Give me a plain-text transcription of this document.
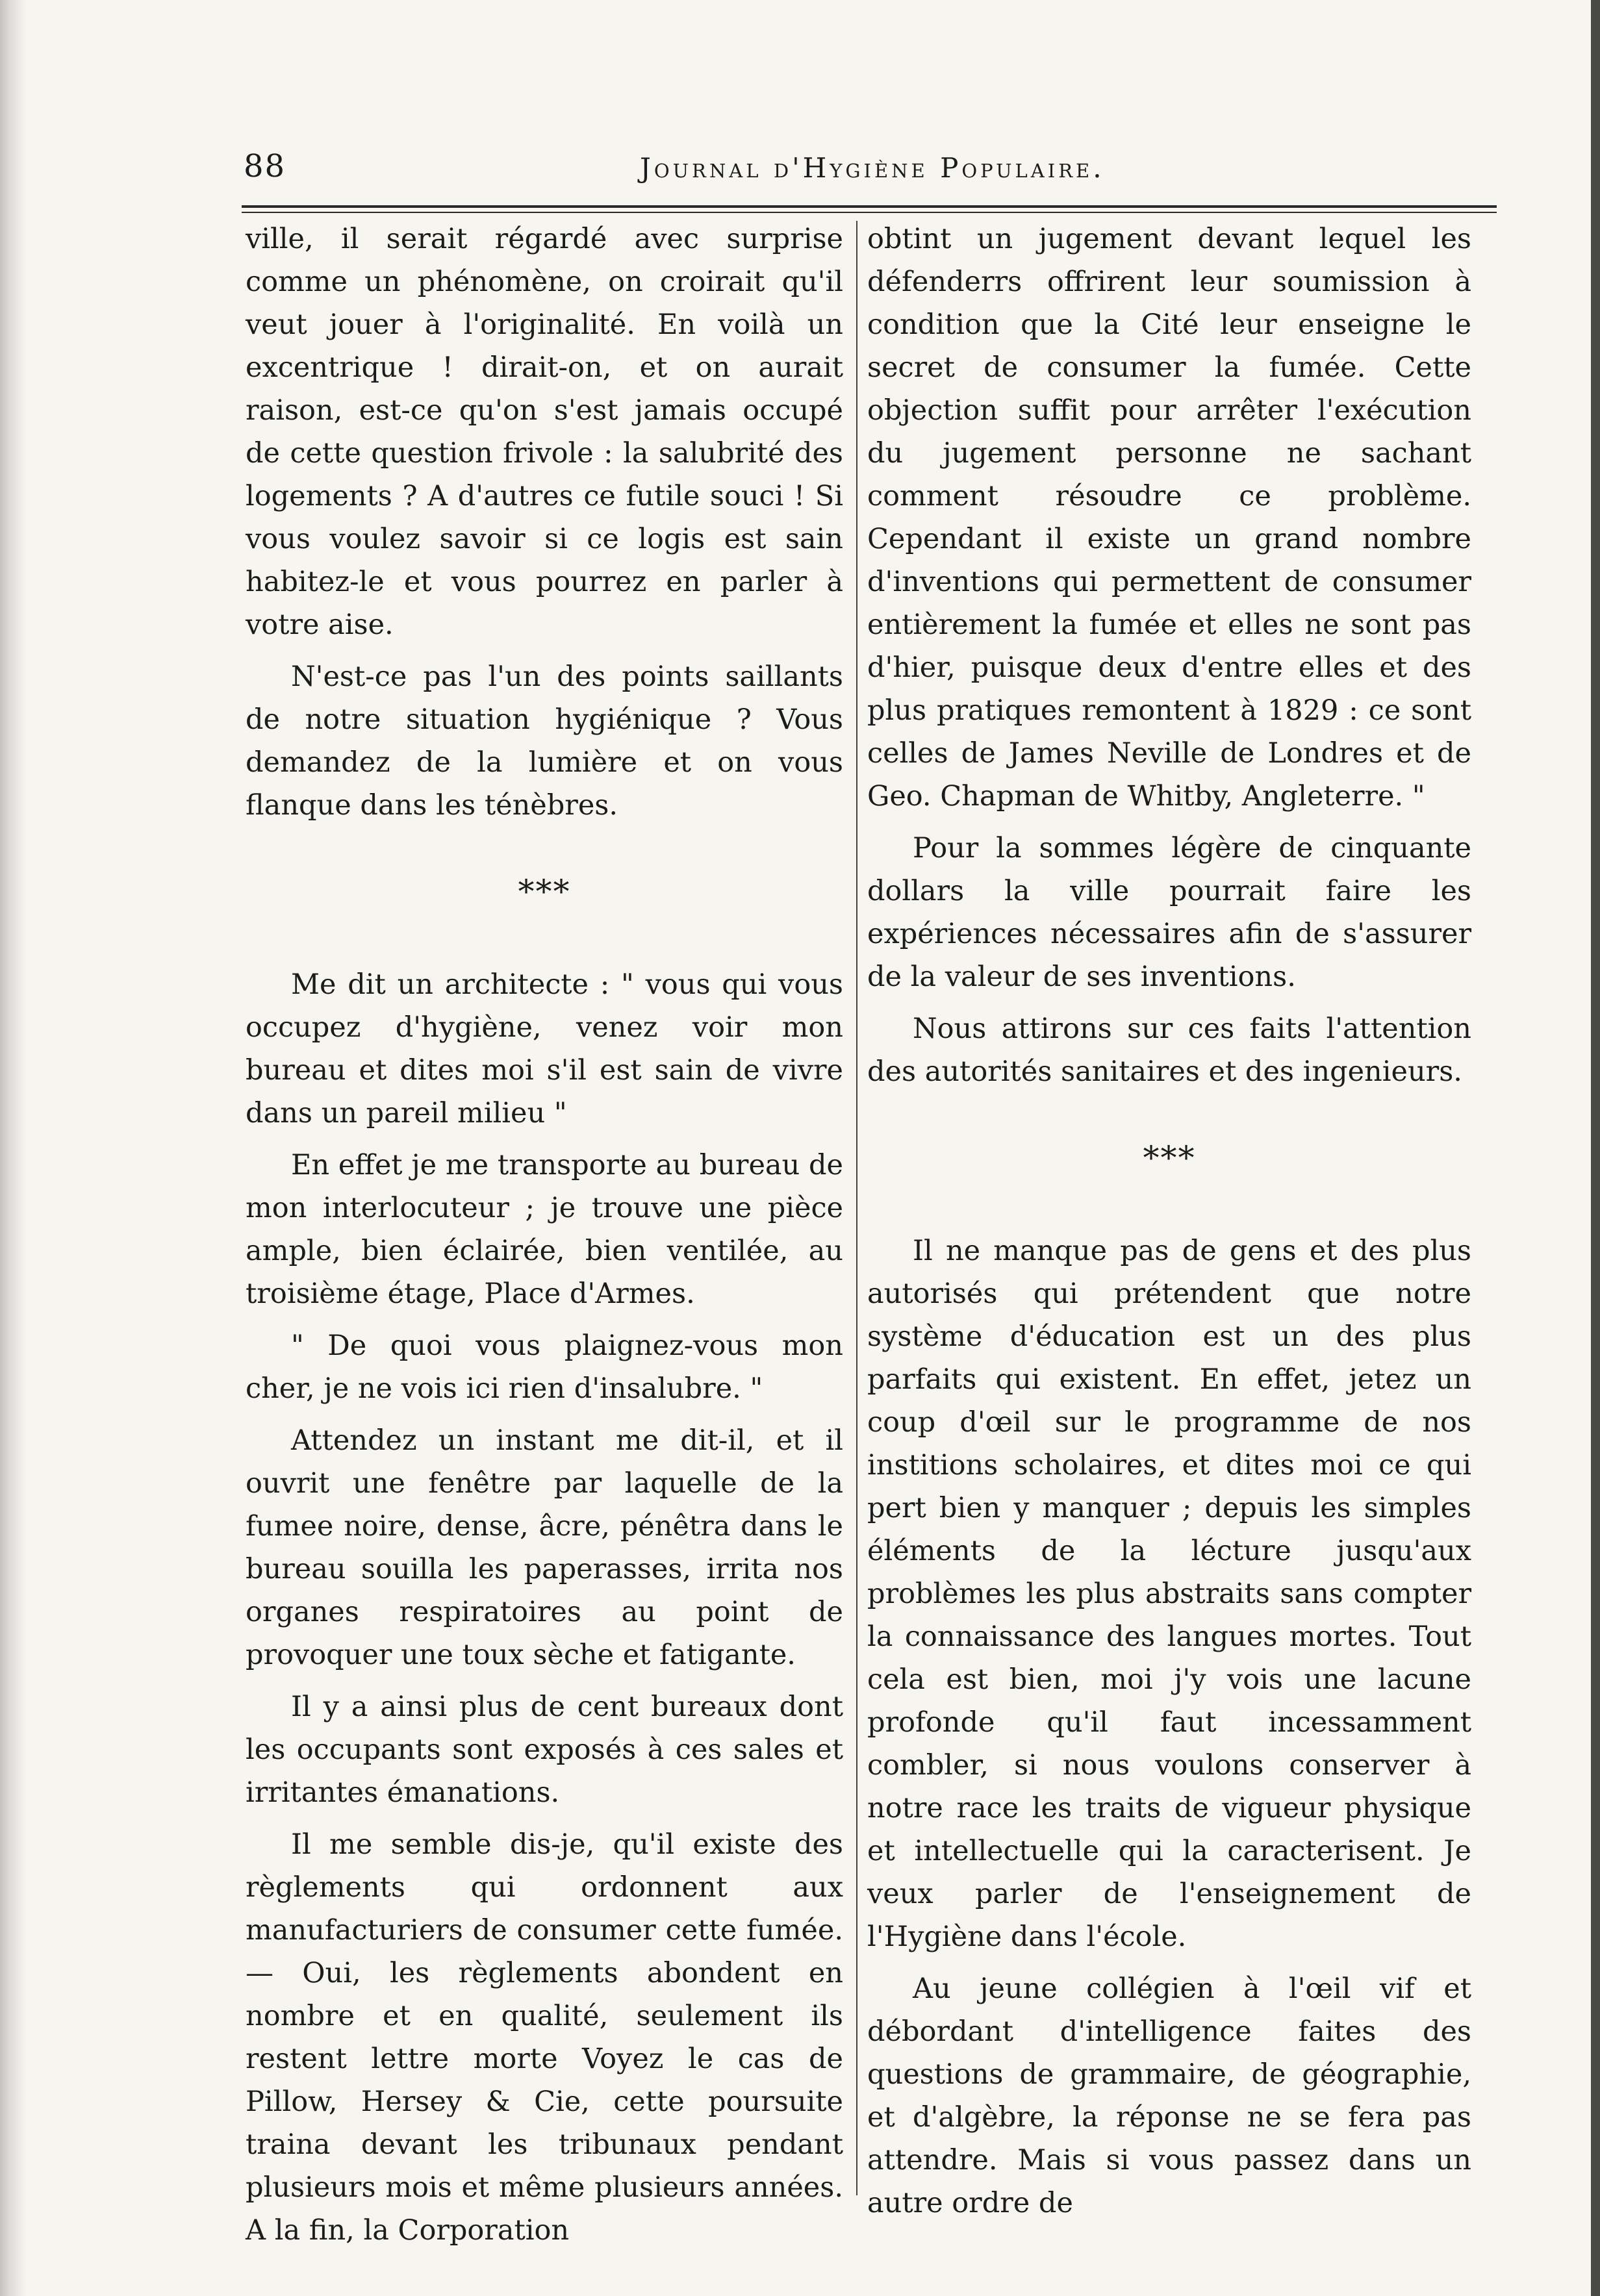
88	Journal d'Hygiène Populaire.

ville, il serait régardé avec surprise comme un phénomène, on croirait qu'il veut jouer à l'originalité. En voilà un excentrique ! dirait-on, et on aurait raison, est-ce qu'on s'est jamais occupé de cette question frivole : la salubrité des logements ? A d'autres ce futile souci ! Si vous voulez savoir si ce logis est sain habitez-le et vous pourrez en parler à votre aise.

N'est-ce pas l'un des points saillants de notre situation hygiénique ? Vous demandez de la lumière et on vous flanque dans les ténèbres.

***

Me dit un architecte : " vous qui vous occupez d'hygiène, venez voir mon bureau et dites moi s'il est sain de vivre dans un pareil milieu "

En effet je me transporte au bureau de mon interlocuteur ; je trouve une pièce ample, bien éclairée, bien ventilée, au troisième étage, Place d'Armes.

" De quoi vous plaignez-vous mon cher, je ne vois ici rien d'insalubre. "

Attendez un instant me dit-il, et il ouvrit une fenêtre par laquelle de la fumee noire, dense, âcre, pénêtra dans le bureau souilla les paperasses, irrita nos organes respiratoires au point de provoquer une toux sèche et fatigante.

Il y a ainsi plus de cent bureaux dont les occupants sont exposés à ces sales et irritantes émanations.

Il me semble dis-je, qu'il existe des règlements qui ordonnent aux manufacturiers de consumer cette fumée.— Oui, les règlements abondent en nombre et en qualité, seulement ils restent lettre morte Voyez le cas de Pillow, Hersey & Cie, cette poursuite traina devant les tribunaux pendant plusieurs mois et même plusieurs années. A la fin, la Corporation

obtint un jugement devant lequel les défenderrs offrirent leur soumission à condition que la Cité leur enseigne le secret de consumer la fumée. Cette objection suffit pour arrêter l'exécution du jugement personne ne sachant comment résoudre ce problème. Cependant il existe un grand nombre d'inventions qui permettent de consumer entièrement la fumée et elles ne sont pas d'hier, puisque deux d'entre elles et des plus pratiques remontent à 1829 : ce sont celles de James Neville de Londres et de Geo. Chapman de Whitby, Angleterre. "

Pour la sommes légère de cinquante dollars la ville pourrait faire les expériences nécessaires afin de s'assurer de la valeur de ses inventions.

Nous attirons sur ces faits l'attention des autorités sanitaires et des ingenieurs.

***

Il ne manque pas de gens et des plus autorisés qui prétendent que notre système d'éducation est un des plus parfaits qui existent. En effet, jetez un coup d'œil sur le programme de nos institions scholaires, et dites moi ce qui pert bien y manquer ; depuis les simples éléments de la lécture jusqu'aux problèmes les plus abstraits sans compter la connaissance des langues mortes. Tout cela est bien, moi j'y vois une lacune profonde qu'il faut incessamment combler, si nous voulons conserver à notre race les traits de vigueur physique et intellectuelle qui la caracterisent. Je veux parler de l'enseignement de l'Hygiène dans l'école.

Au jeune collégien à l'œil vif et débordant d'intelligence faites des questions de grammaire, de géographie, et d'algèbre, la réponse ne se fera pas attendre. Mais si vous passez dans un autre ordre de
